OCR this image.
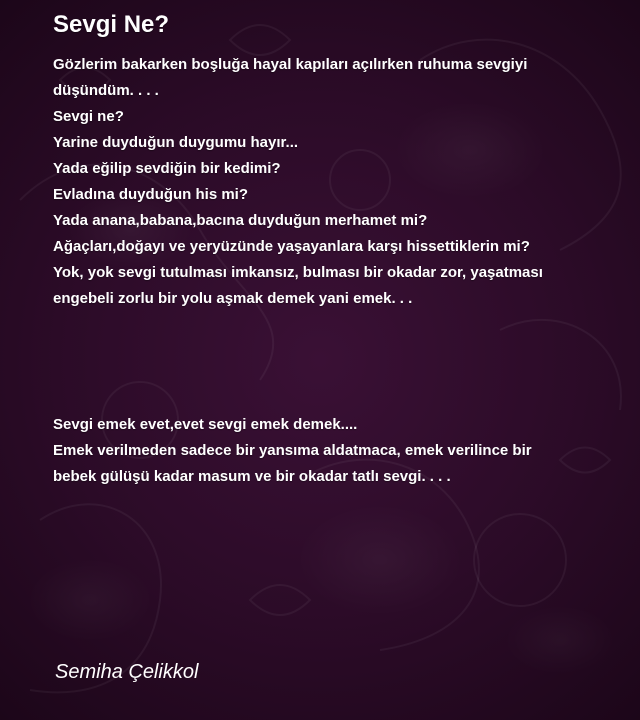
Sevgi Ne?
Gözlerim bakarken boşluğa hayal kapıları açılırken ruhuma sevgiyi
düşündüm. . . .
Sevgi ne?
Yarine duyduğun duygumu hayır...
Yada eğilip sevdiğin bir kedimi?
Evladına duyduğun his mi?
Yada anana,babana,bacına duyduğun merhamet mi?
Ağaçları,doğayı ve yeryüzünde yaşayanlara karşı hissettiklerin mi?
Yok, yok sevgi tutulması imkansız, bulması bir okadar zor, yaşatması
engebeli zorlu bir yolu aşmak demek yani emek. . .
Sevgi emek evet,evet sevgi emek demek....
Emek verilmeden sadece bir yansıma aldatmaca, emek verilince bir
bebek gülüşü kadar masum ve bir okadar tatlı sevgi. . . .

Semiha Çelikkol
